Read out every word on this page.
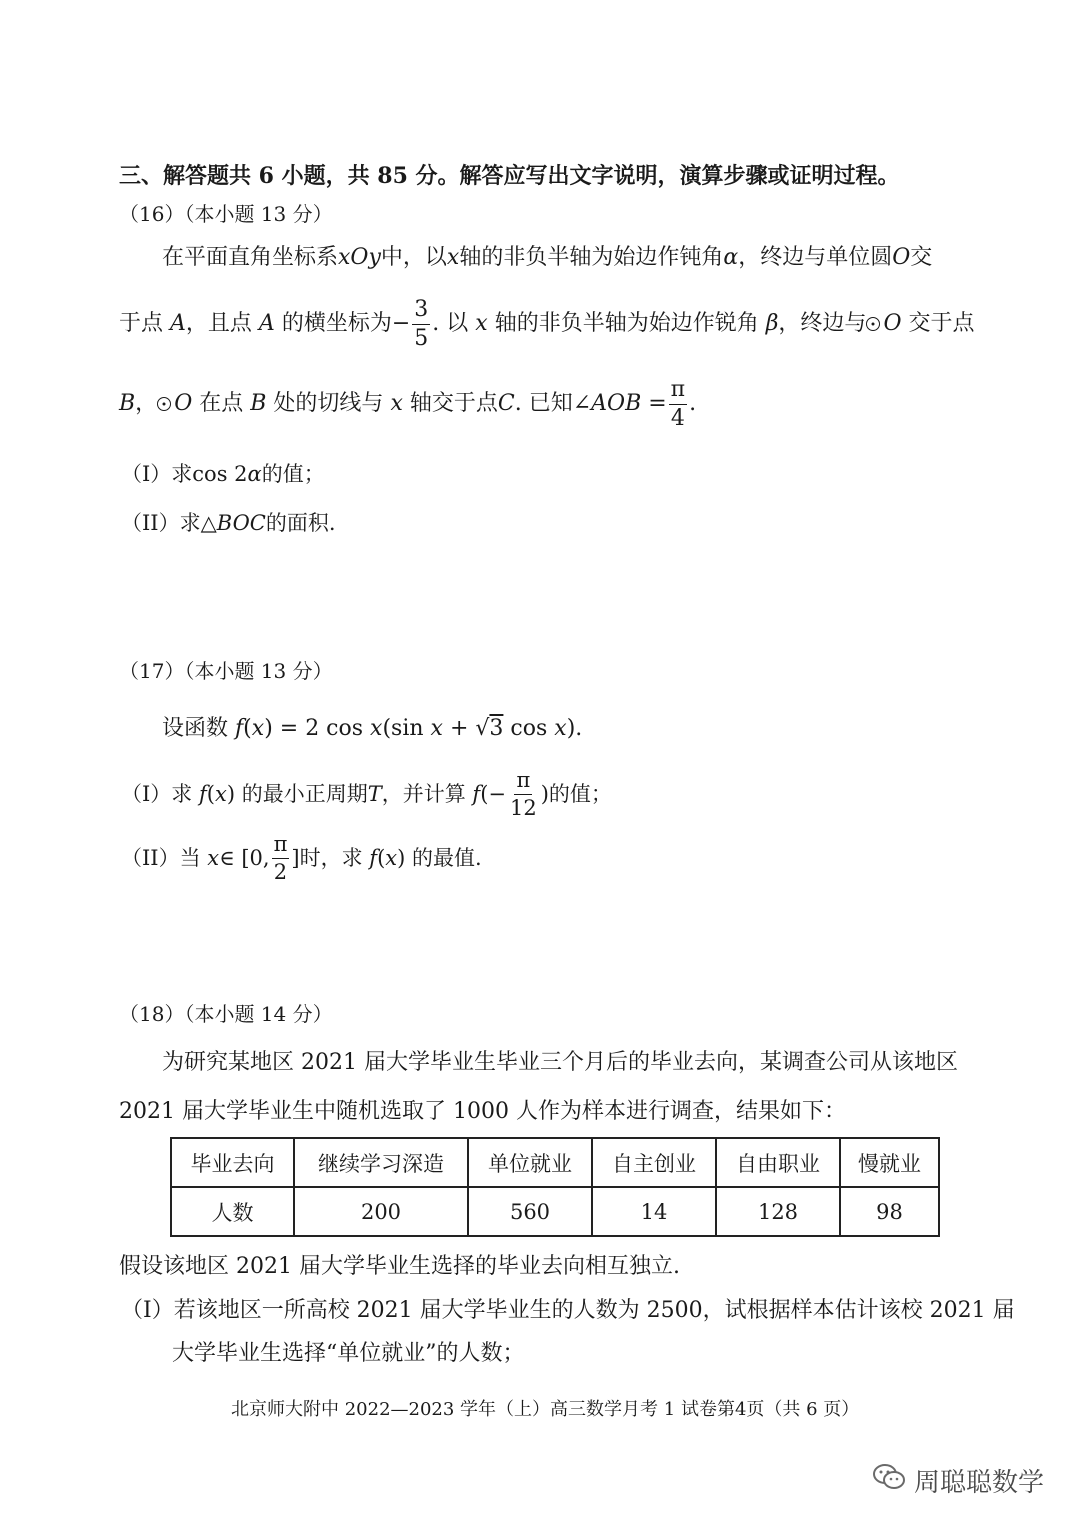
三、解答题共 6 小题，共 85 分。解答应写出文字说明，演算步骤或证明过程。
（16）（本小题 13 分）
在平面直角坐标系xOy中，以x轴的非负半轴为始边作钝角α，终边与单位圆O交
于点
A ，且点
A
的横坐标为 − $\frac{3}{5}$ . 以
x
轴的非负半轴为始边作锐角
β ，终边与 O
交于点
B ， O
在点
B
处的切线与
x
轴交于点 C . 已知 ∠AOB = $\frac{\pi}{4}$ .
（I）求cos 2α的值；
（II）求△BOC的面积.
（17）（本小题 13 分）
设函数 f(x) = 2 cos x(sin x + √3 cos x).
（I）求
f ( x )
的最小正周期 T ，并计算
f (− $\frac{\pi}{12}$ ) 的值；
（II）当
x ∈ [0, $\frac{\pi}{2}$ ]时，求
f ( x )
的最值.
（18）（本小题 14 分）
为研究某地区 2021 届大学毕业生毕业三个月后的毕业去向，某调查公司从该地区
2021 届大学毕业生中随机选取了 1000 人作为样本进行调查，结果如下：
毕业去向	继续学习深造	单位就业	自主创业	自由职业	慢就业
人数	200	560	14	128	98
假设该地区 2021 届大学毕业生选择的毕业去向相互独立.
（I）若该地区一所高校 2021 届大学毕业生的人数为 2500，试根据样本估计该校 2021 届
大学毕业生选择“单位就业”的人数；
北京师大附中 2022—2023 学年（上）高三数学月考 1 试卷第4页（共 6 页）
周聪聪数学
